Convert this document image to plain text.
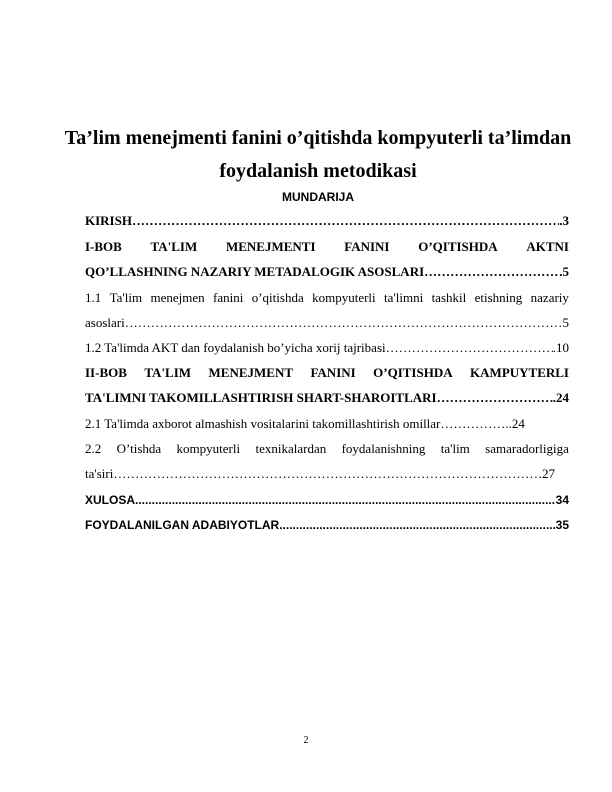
Ta’lim menejmenti fanini o’qitishda kompyuterli ta’limdan

foydalanish metodikasi

MUNDARIJA

KIRISH ………………………………………………………………………………………………………………………………………………………………………………………………………………	.3
I-BOB TA'LIM MENEJMENTI FANINI O’QITISHDA AKTNI
QO’LLASHNING NAZARIY METADALOGIK ASOSLARI ………………………………………………………………………………………………………………………………………………………………………………………………………………	.5
1.1 Ta'lim menejmen fanini o’qitishda kompyuterli ta'limni tashkil etishning nazariy
asoslari ………………………………………………………………………………………………………………………………………………………………………………………………………………	5
1.2 Ta'limda AKT dan foydalanish bo’yicha xorij tajribasi ………………………………………………………………………………………………………………………………………………………………………………………………………………	.10
II-BOB TA'LIM MENEJMENT FANINI O’QITISHDA KAMPUYTERLI
TA'LIMNI TAKOMILLASHTIRISH SHART-SHAROITLARI ………………………………………………………………………………………………………………………………………………………………………………………………………………	.24
2.1 Ta'limda axborot almashish vositalarini takomillashtirish omillar……………..24
2.2 O’tishda kompyuterli texnikalardan foydalanishning ta'lim samaradorligiga
ta'siri ………………………………………………………………………………………………………………………………………………………………………………………………………………	27
XULOSA .....	34
FOYDALANILGAN ADABIYOTLAR .....	35

2
